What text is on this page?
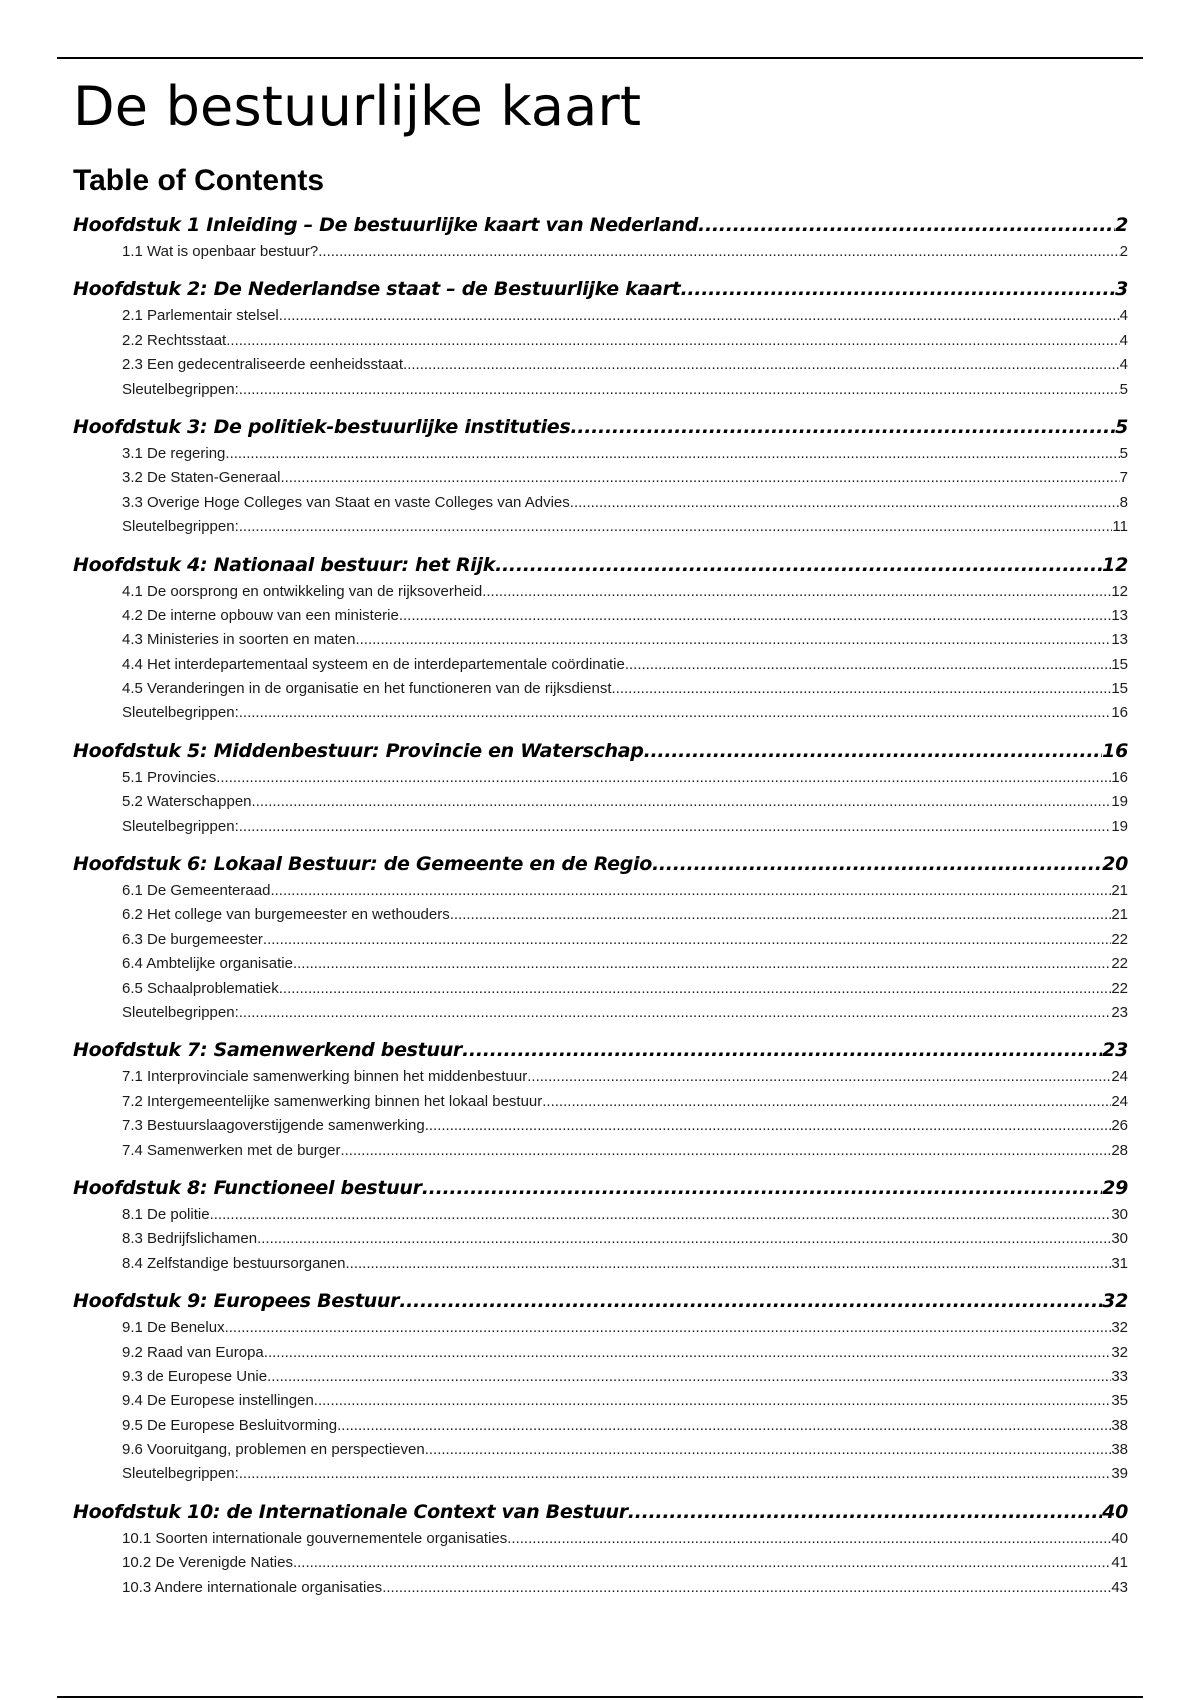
De bestuurlijke kaart
Table of Contents
Hoofdstuk 1 Inleiding – De bestuurlijke kaart van Nederland .....	2
1.1 Wat is openbaar bestuur? .....	2
Hoofdstuk 2: De Nederlandse staat – de Bestuurlijke kaart .....	3
2.1 Parlementair stelsel .....	4
2.2 Rechtsstaat .....	4
2.3 Een gedecentraliseerde eenheidsstaat .....	4
Sleutelbegrippen: .....	5
Hoofdstuk 3: De politiek-bestuurlijke instituties .....	5
3.1 De regering .....	5
3.2 De Staten-Generaal .....	7
3.3 Overige Hoge Colleges van Staat en vaste Colleges van Advies .....	8
Sleutelbegrippen: .....	11
Hoofdstuk 4: Nationaal bestuur: het Rijk .....	12
4.1 De oorsprong en ontwikkeling van de rijksoverheid .....	12
4.2 De interne opbouw van een ministerie .....	13
4.3 Ministeries in soorten en maten .....	13
4.4 Het interdepartementaal systeem en de interdepartementale coördinatie .....	15
4.5 Veranderingen in de organisatie en het functioneren van de rijksdienst .....	15
Sleutelbegrippen: .....	16
Hoofdstuk 5: Middenbestuur: Provincie en Waterschap .....	16
5.1 Provincies .....	16
5.2 Waterschappen .....	19
Sleutelbegrippen: .....	19
Hoofdstuk 6: Lokaal Bestuur: de Gemeente en de Regio .....	20
6.1 De Gemeenteraad .....	21
6.2 Het college van burgemeester en wethouders .....	21
6.3 De burgemeester .....	22
6.4 Ambtelijke organisatie .....	22
6.5 Schaalproblematiek .....	22
Sleutelbegrippen: .....	23
Hoofdstuk 7: Samenwerkend bestuur .....	23
7.1 Interprovinciale samenwerking binnen het middenbestuur .....	24
7.2 Intergemeentelijke samenwerking binnen het lokaal bestuur .....	24
7.3 Bestuurslaagoverstijgende samenwerking .....	26
7.4 Samenwerken met de burger .....	28
Hoofdstuk 8: Functioneel bestuur .....	29
8.1 De politie .....	30
8.3 Bedrijfslichamen .....	30
8.4 Zelfstandige bestuursorganen .....	31
Hoofdstuk 9: Europees Bestuur .....	32
9.1 De Benelux .....	32
9.2 Raad van Europa .....	32
9.3 de Europese Unie .....	33
9.4 De Europese instellingen .....	35
9.5 De Europese Besluitvorming .....	38
9.6 Vooruitgang, problemen en perspectieven .....	38
Sleutelbegrippen: .....	39
Hoofdstuk 10: de Internationale Context van Bestuur .....	40
10.1 Soorten internationale gouvernementele organisaties .....	40
10.2 De Verenigde Naties .....	41
10.3 Andere internationale organisaties .....	43
